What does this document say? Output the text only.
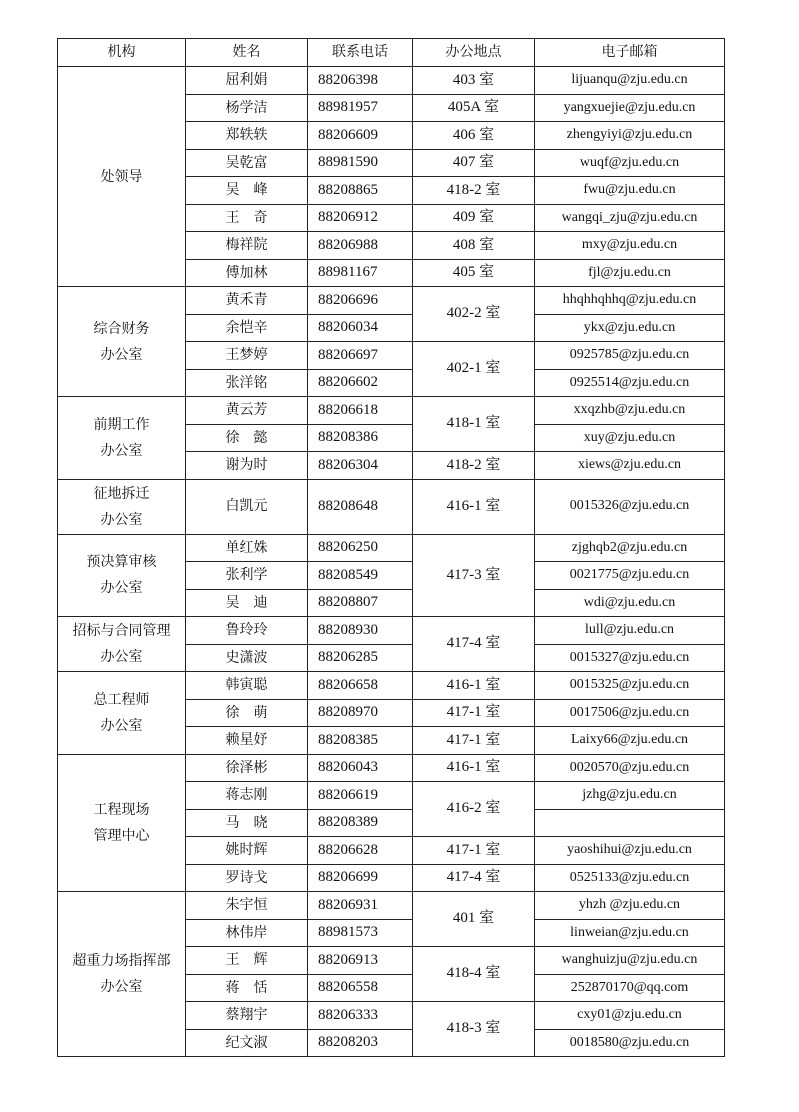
机构	姓名	联系电话	办公地点	电子邮箱

处领导	屈利娟	88206398	403 室	lijuanqu@zju.edu.cn
	杨学洁	88981957	405A 室	yangxuejie@zju.edu.cn
	郑轶轶	88206609	406 室	zhengyiyi@zju.edu.cn
	吴乾富	88981590	407 室	wuqf@zju.edu.cn
	吴　峰	88208865	418-2 室	fwu@zju.edu.cn
	王　奇	88206912	409 室	wangqi_zju@zju.edu.cn
	梅祥院	88206988	408 室	mxy@zju.edu.cn
	傅加林	88981167	405 室	fjl@zju.edu.cn

综合财务
办公室	黄禾青	88206696	402-2 室	hhqhhqhhq@zju.edu.cn
	余恺辛	88206034		ykx@zju.edu.cn
	王梦婷	88206697	402-1 室	0925785@zju.edu.cn
	张洋铭	88206602		0925514@zju.edu.cn

前期工作
办公室	黄云芳	88206618	418-1 室	xxqzhb@zju.edu.cn
	徐　懿	88208386		xuy@zju.edu.cn
	谢为时	88206304	418-2 室	xiews@zju.edu.cn

征地拆迁
办公室	白凯元	88208648	416-1 室	0015326@zju.edu.cn

预决算审核
办公室	单红姝	88206250	417-3 室	zjghqb2@zju.edu.cn
	张利学	88208549		0021775@zju.edu.cn
	吴　迪	88208807		wdi@zju.edu.cn

招标与合同管理
办公室	鲁玲玲	88208930	417-4 室	lull@zju.edu.cn
	史潇波	88206285		0015327@zju.edu.cn

总工程师
办公室	韩寅聪	88206658	416-1 室	0015325@zju.edu.cn
	徐　萌	88208970	417-1 室	0017506@zju.edu.cn
	赖星妤	88208385	417-1 室	Laixy66@zju.edu.cn

工程现场
管理中心	徐泽彬	88206043	416-1 室	0020570@zju.edu.cn
	蒋志刚	88206619	416-2 室	jzhg@zju.edu.cn
	马　晓	88208389		
	姚时辉	88206628	417-1 室	yaoshihui@zju.edu.cn
	罗诗戈	88206699	417-4 室	0525133@zju.edu.cn

超重力场指挥部
办公室	朱宇恒	88206931	401 室	yhzh @zju.edu.cn
	林伟岸	88981573		linweian@zju.edu.cn
	王　辉	88206913	418-4 室	wanghuizju@zju.edu.cn
	蒋　恬	88206558		252870170@qq.com
	蔡翔宇	88206333	418-3 室	cxy01@zju.edu.cn
	纪文淑	88208203		0018580@zju.edu.cn
